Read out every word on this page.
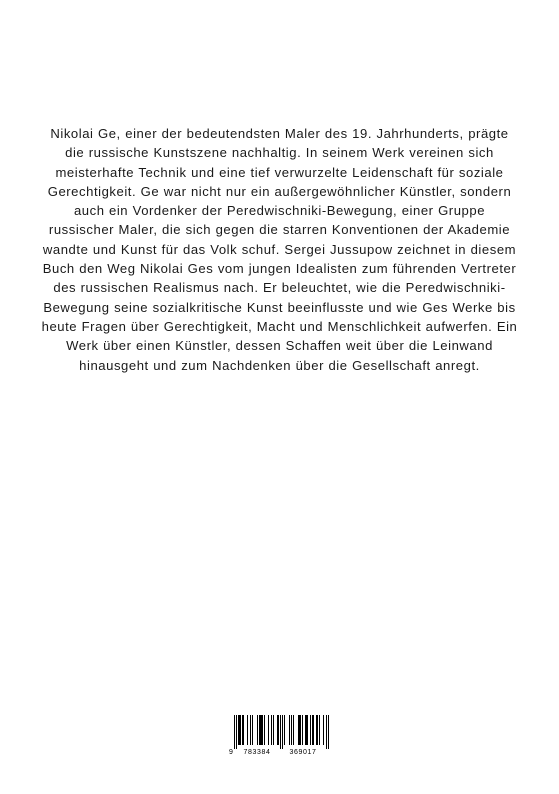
Nikolai Ge, einer der bedeutendsten Maler des 19. Jahrhunderts, prägte die russische Kunstszene nachhaltig. In seinem Werk vereinen sich meisterhafte Technik und eine tief verwurzelte Leidenschaft für soziale Gerechtigkeit. Ge war nicht nur ein außergewöhnlicher Künstler, sondern auch ein Vordenker der Peredwischniki-Bewegung, einer Gruppe russischer Maler, die sich gegen die starren Konventionen der Akademie wandte und Kunst für das Volk schuf. Sergei Jussupow zeichnet in diesem Buch den Weg Nikolai Ges vom jungen Idealisten zum führenden Vertreter des russischen Realismus nach. Er beleuchtet, wie die Peredwischniki-Bewegung seine sozialkritische Kunst beeinflusste und wie Ges Werke bis heute Fragen über Gerechtigkeit, Macht und Menschlichkeit aufwerfen. Ein Werk über einen Künstler, dessen Schaffen weit über die Leinwand hinausgeht und zum Nachdenken über die Gesellschaft anregt.

9 783384	369017
